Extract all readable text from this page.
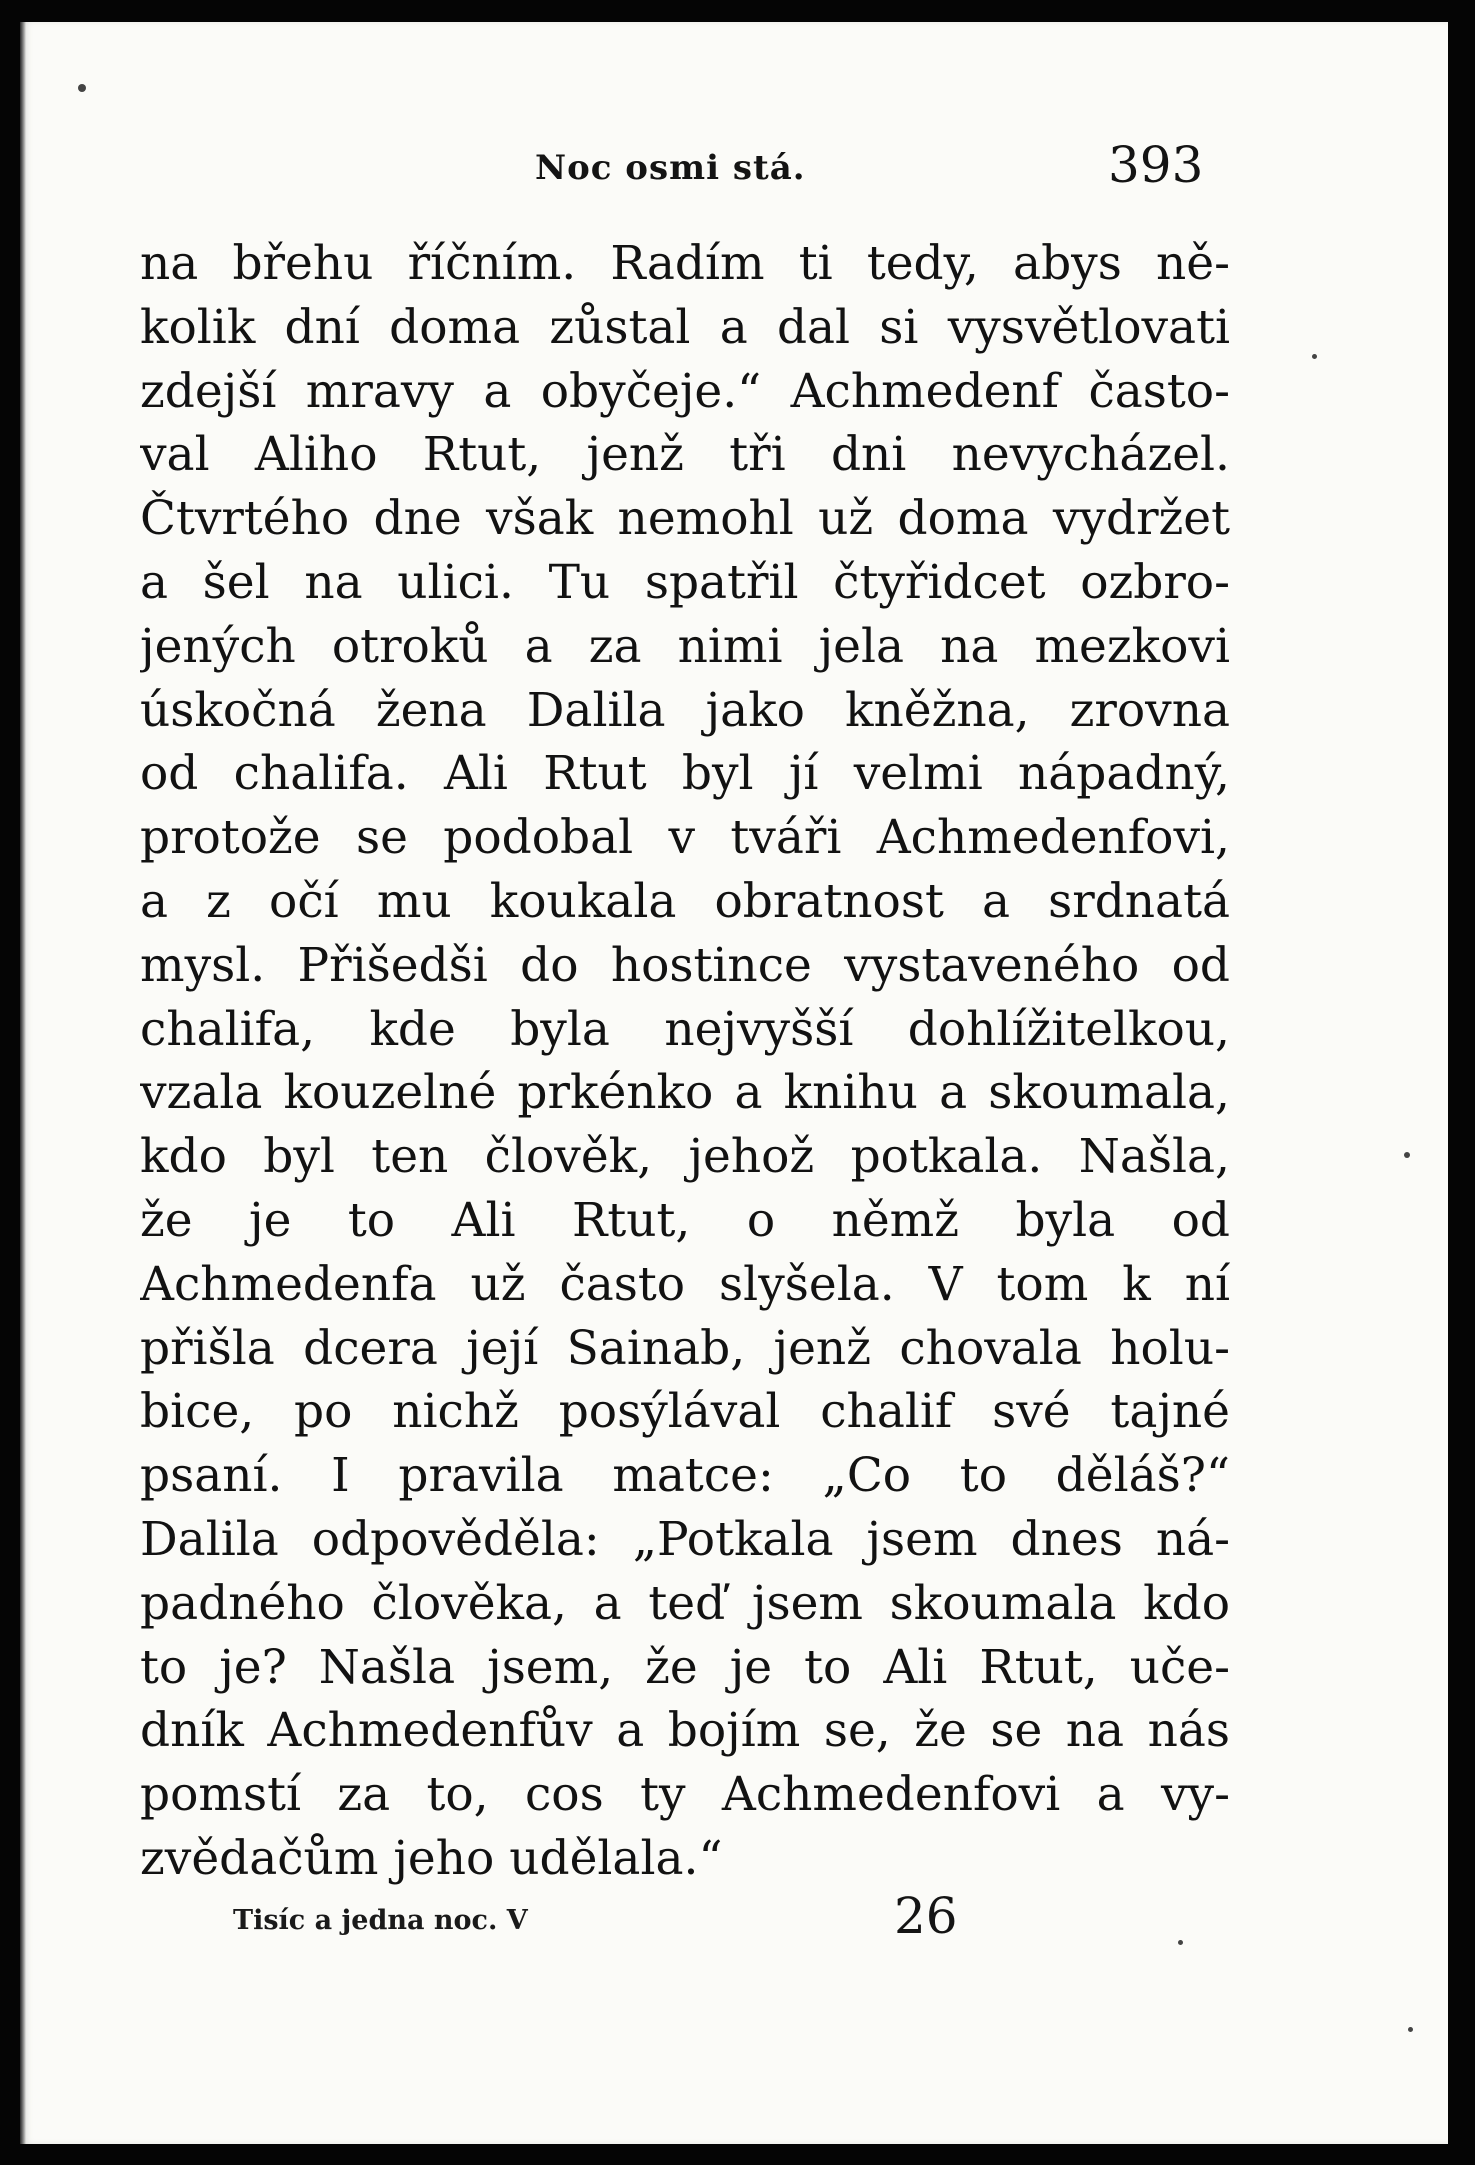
Noc osmi stá.	393
na břehu říčním. Radím ti tedy, abys ně-
kolik dní doma zůstal a dal si vysvětlovati
zdejší mravy a obyčeje.“ Achmedenf často-
val Aliho Rtut, jenž tři dni nevycházel.
Čtvrtého dne však nemohl už doma vydržet
a šel na ulici. Tu spatřil čtyřidcet ozbro-
jených otroků a za nimi jela na mezkovi
úskočná žena Dalila jako kněžna, zrovna
od chalifa. Ali Rtut byl jí velmi nápadný,
protože se podobal v tváři Achmedenfovi,
a z očí mu koukala obratnost a srdnatá
mysl. Přišedši do hostince vystaveného od
chalifa, kde byla nejvyšší dohlížitelkou,
vzala kouzelné prkénko a knihu a skoumala,
kdo byl ten člověk, jehož potkala. Našla,
že je to Ali Rtut, o němž byla od
Achmedenfa už často slyšela. V tom k ní
přišla dcera její Sainab, jenž chovala holu-
bice, po nichž posýlával chalif své tajné
psaní. I pravila matce: „Co to děláš?“
Dalila odpověděla: „Potkala jsem dnes ná-
padného člověka, a teď jsem skoumala kdo
to je? Našla jsem, že je to Ali Rtut, uče-
dník Achmedenfův a bojím se, že se na nás
pomstí za to, cos ty Achmedenfovi a vy-
zvědačům jeho udělala.“
Tisíc a jedna noc. V	26
